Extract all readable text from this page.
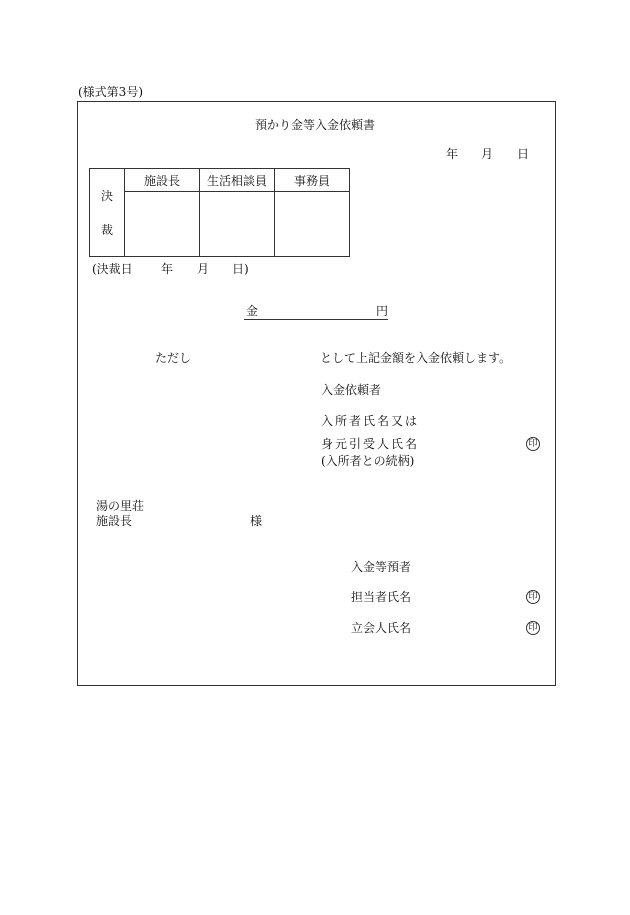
(様式第3号)
預かり金等入金依頼書
年 月 日
決
裁	施設長	生活相談員	事務員

(決裁日 年 月 日)
金	円
ただし	として上記金額を入金依頼します。
入金依頼者
入所者氏名又は
身元引受人氏名
(入所者との続柄)
印
湯の里荘
施設長	様
入金等預者
担当者氏名	印
立会人氏名	印
